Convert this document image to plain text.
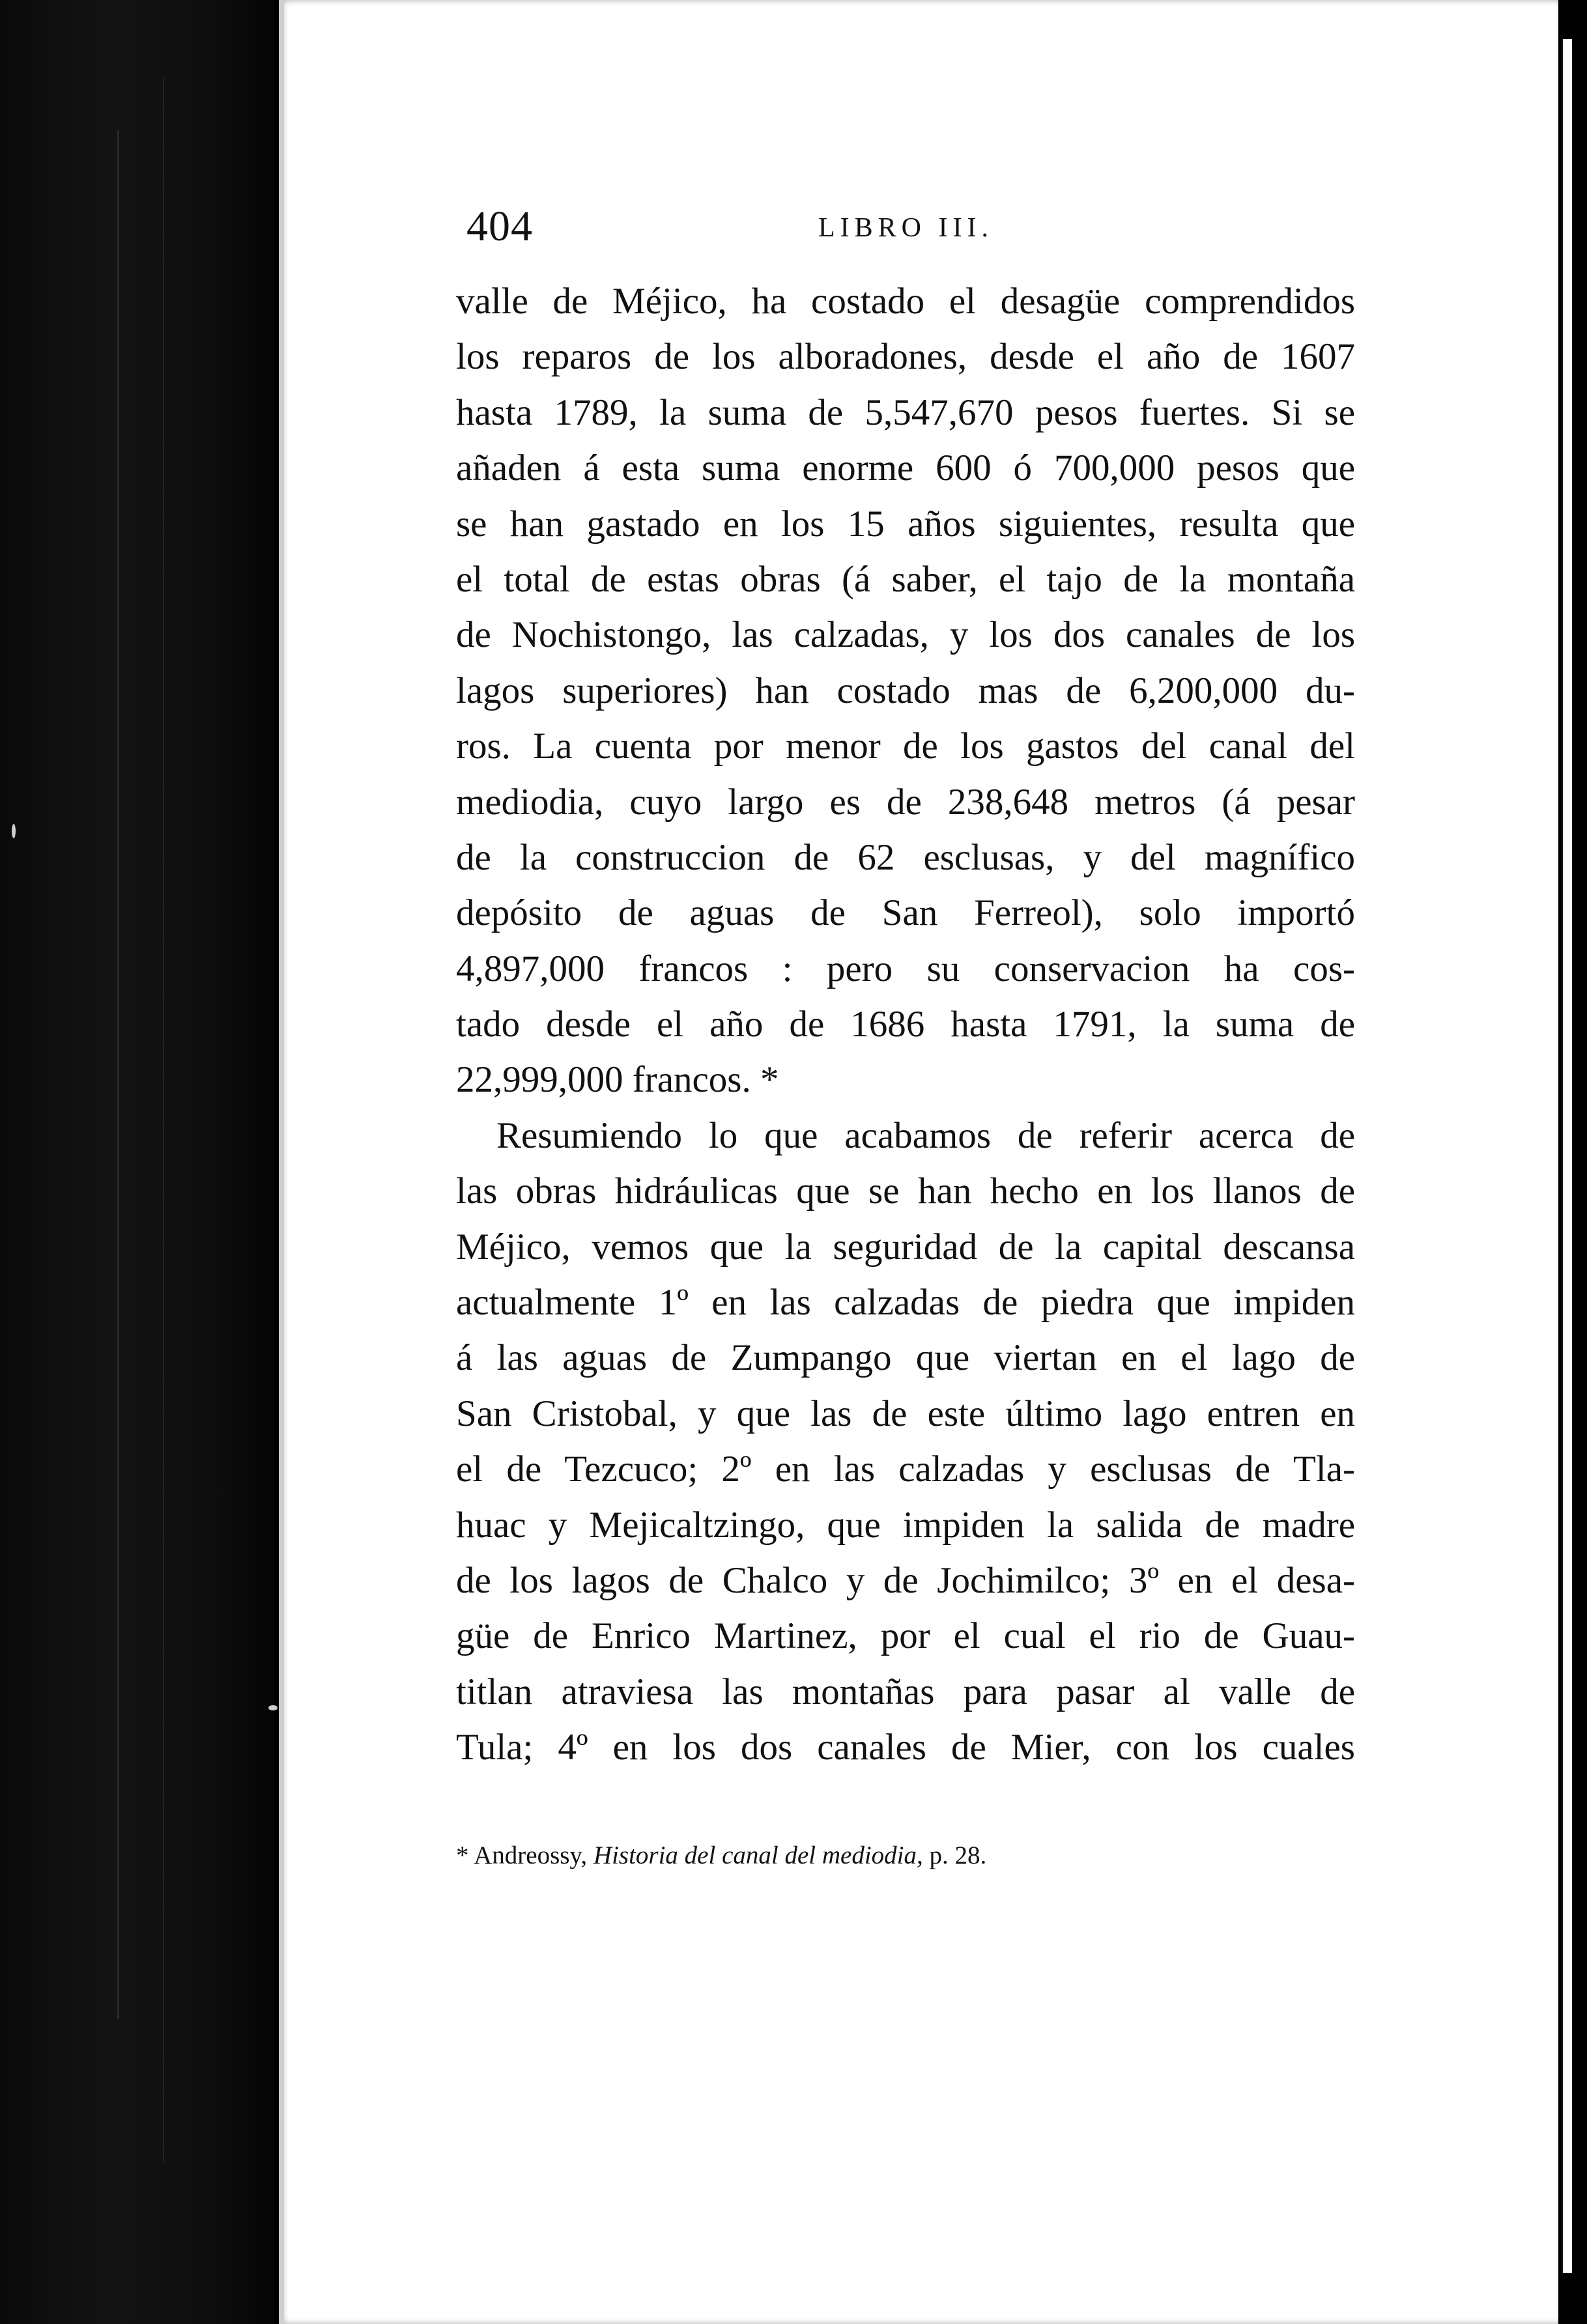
404	LIBRO III.
valle de Méjico, ha costado el desagüe comprendidos
los reparos de los alboradones, desde el año de 1607
hasta 1789, la suma de 5,547,670 pesos fuertes. Si se
añaden á esta suma enorme 600 ó 700,000 pesos que
se han gastado en los 15 años siguientes, resulta que
el total de estas obras (á saber, el tajo de la montaña
de Nochistongo, las calzadas, y los dos canales de los
lagos superiores) han costado mas de 6,200,000 du-
ros. La cuenta por menor de los gastos del canal del
mediodia, cuyo largo es de 238,648 metros (á pesar
de la construccion de 62 esclusas, y del magnífico
depósito de aguas de San Ferreol), solo importó
4,897,000 francos : pero su conservacion ha cos-
tado desde el año de 1686 hasta 1791, la suma de
22,999,000 francos. *
Resumiendo lo que acabamos de referir acerca de
las obras hidráulicas que se han hecho en los llanos de
Méjico, vemos que la seguridad de la capital descansa
actualmente 1º en las calzadas de piedra que impiden
á las aguas de Zumpango que viertan en el lago de
San Cristobal, y que las de este último lago entren en
el de Tezcuco; 2º en las calzadas y esclusas de Tla-
huac y Mejicaltzingo, que impiden la salida de madre
de los lagos de Chalco y de Jochimilco; 3º en el desa-
güe de Enrico Martinez, por el cual el rio de Guau-
titlan atraviesa las montañas para pasar al valle de
Tula; 4º en los dos canales de Mier, con los cuales
* Andreossy, Historia del canal del mediodia, p. 28.
